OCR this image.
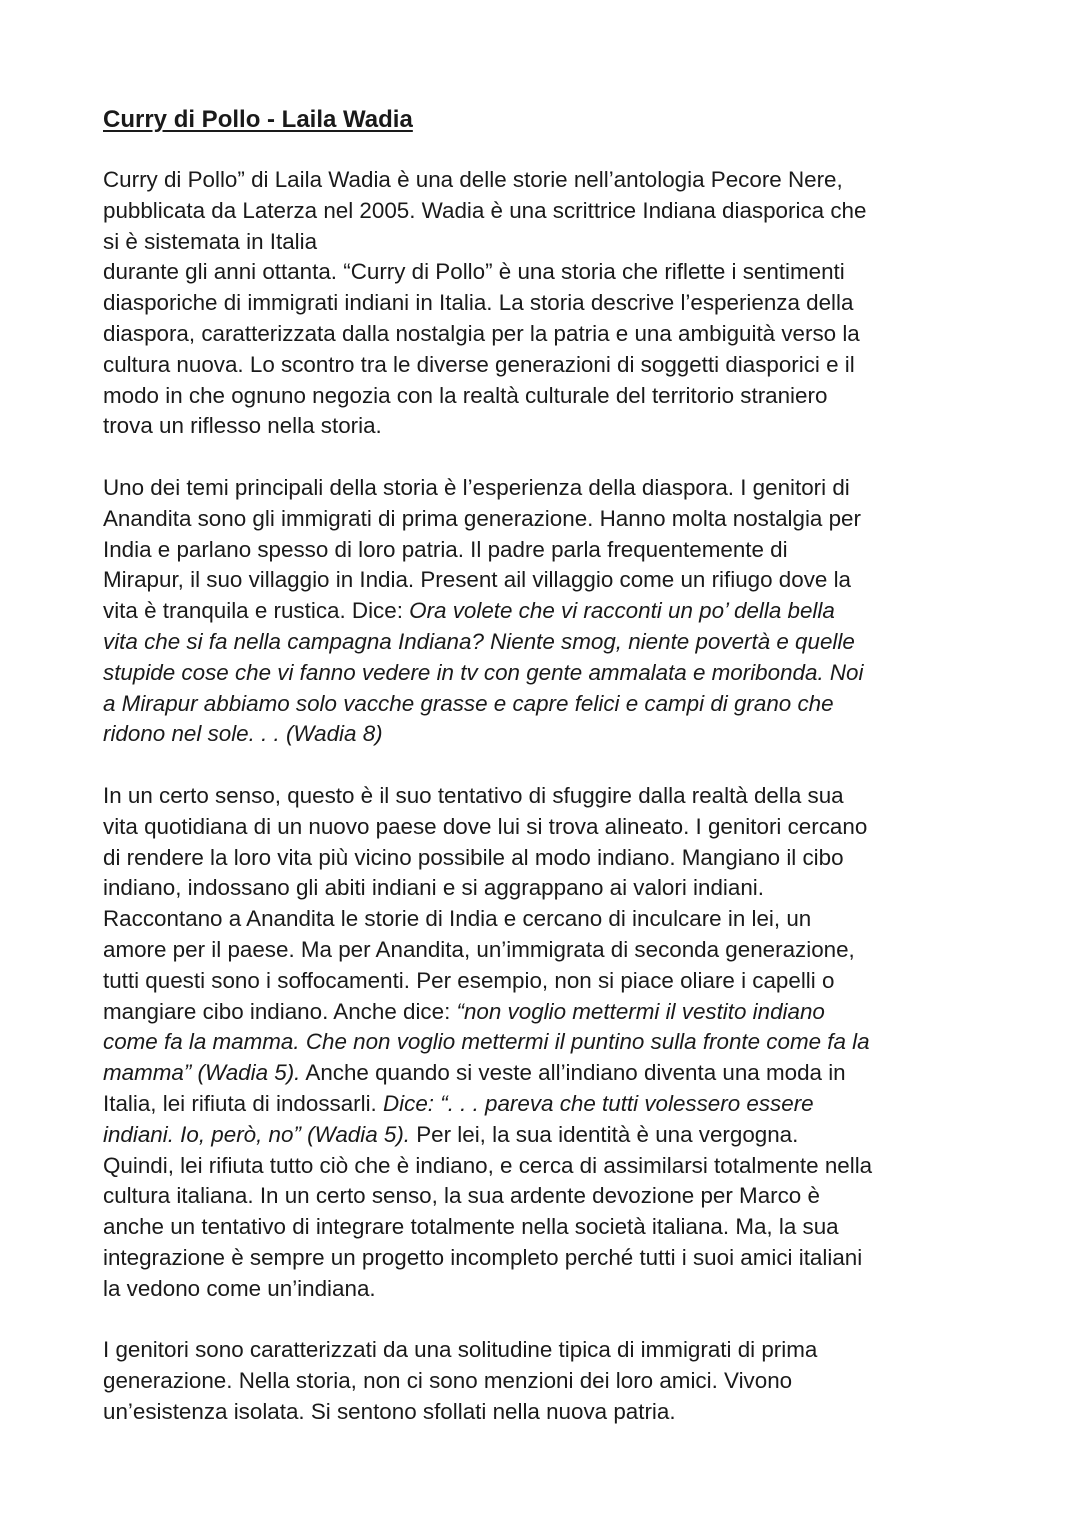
Curry di Pollo - Laila Wadia
Curry di Pollo” di Laila Wadia è una delle storie nell’antologia Pecore Nere,
pubblicata da Laterza nel 2005. Wadia è una scrittrice Indiana diasporica che
si è sistemata in Italia
durante gli anni ottanta. “Curry di Pollo” è una storia che riflette i sentimenti
diasporiche di immigrati indiani in Italia. La storia descrive l’esperienza della
diaspora, caratterizzata dalla nostalgia per la patria e una ambiguità verso la
cultura nuova. Lo scontro tra le diverse generazioni di soggetti diasporici e il
modo in che ognuno negozia con la realtà culturale del territorio straniero
trova un riflesso nella storia.
Uno dei temi principali della storia è l’esperienza della diaspora. I genitori di
Anandita sono gli immigrati di prima generazione. Hanno molta nostalgia per
India e parlano spesso di loro patria. Il padre parla frequentemente di
Mirapur, il suo villaggio in India. Present ail villaggio come un rifiugo dove la
vita è tranquila e rustica. Dice: Ora volete che vi racconti un po’ della bella
vita che si fa nella campagna Indiana? Niente smog, niente povertà e quelle
stupide cose che vi fanno vedere in tv con gente ammalata e moribonda. Noi
a Mirapur abbiamo solo vacche grasse e capre felici e campi di grano che
ridono nel sole. . . (Wadia 8)
In un certo senso, questo è il suo tentativo di sfuggire dalla realtà della sua
vita quotidiana di un nuovo paese dove lui si trova alineato. I genitori cercano
di rendere la loro vita più vicino possibile al modo indiano. Mangiano il cibo
indiano, indossano gli abiti indiani e si aggrappano ai valori indiani.
Raccontano a Anandita le storie di India e cercano di inculcare in lei, un
amore per il paese. Ma per Anandita, un’immigrata di seconda generazione,
tutti questi sono i soffocamenti. Per esempio, non si piace oliare i capelli o
mangiare cibo indiano. Anche dice: “non voglio mettermi il vestito indiano
come fa la mamma. Che non voglio mettermi il puntino sulla fronte come fa la
mamma” (Wadia 5). Anche quando si veste all’indiano diventa una moda in
Italia, lei rifiuta di indossarli. Dice: “. . . pareva che tutti volessero essere
indiani. Io, però, no” (Wadia 5). Per lei, la sua identità è una vergogna.
Quindi, lei rifiuta tutto ciò che è indiano, e cerca di assimilarsi totalmente nella
cultura italiana. In un certo senso, la sua ardente devozione per Marco è
anche un tentativo di integrare totalmente nella società italiana. Ma, la sua
integrazione è sempre un progetto incompleto perché tutti i suoi amici italiani
la vedono come un’indiana.
I genitori sono caratterizzati da una solitudine tipica di immigrati di prima
generazione. Nella storia, non ci sono menzioni dei loro amici. Vivono
un’esistenza isolata. Si sentono sfollati nella nuova patria.
